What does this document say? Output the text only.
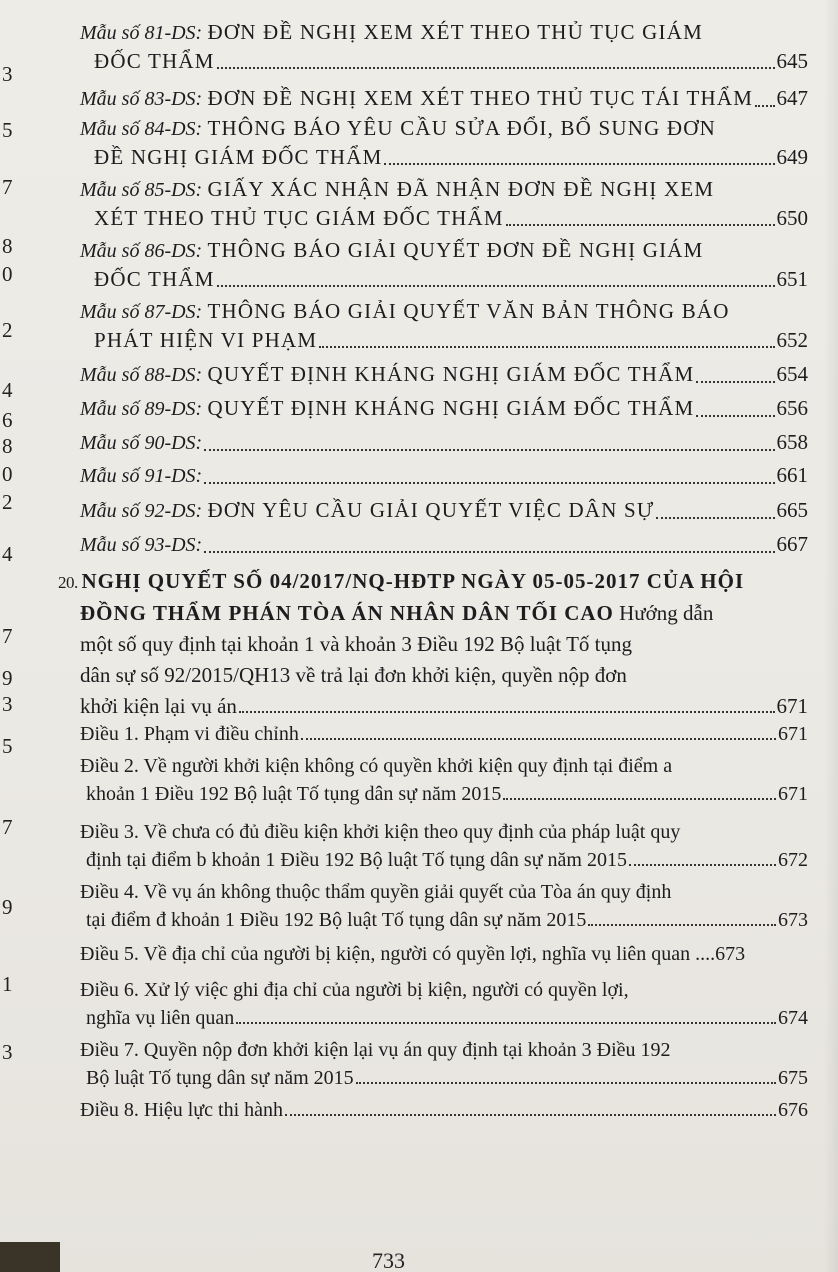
3
5
7
8
0
2
4
6
8
0
2
4
7
9
3
5
7
9
1
3
Mẫu số 81-DS:
ĐƠN ĐỀ NGHỊ XEM XÉT THEO THỦ TỤC GIÁM
ĐỐC THẨM	645
Mẫu số 83-DS:
ĐƠN ĐỀ NGHỊ XEM XÉT THEO THỦ TỤC TÁI THẨM 647
Mẫu số 84-DS:
THÔNG BÁO YÊU CẦU SỬA ĐỔI, BỔ SUNG ĐƠN
ĐỀ NGHỊ GIÁM ĐỐC THẨM	649
Mẫu số 85-DS:
GIẤY XÁC NHẬN ĐÃ NHẬN ĐƠN ĐỀ NGHỊ XEM
XÉT THEO THỦ TỤC GIÁM ĐỐC THẨM	650
Mẫu số 86-DS:
THÔNG BÁO GIẢI QUYẾT ĐƠN ĐỀ NGHỊ GIÁM
ĐỐC THẨM	651
Mẫu số 87-DS:
THÔNG BÁO GIẢI QUYẾT VĂN BẢN THÔNG BÁO
PHÁT HIỆN VI PHẠM	652
Mẫu số 88-DS:
QUYẾT ĐỊNH KHÁNG NGHỊ GIÁM ĐỐC THẨM	654
Mẫu số 89-DS:
QUYẾT ĐỊNH KHÁNG NGHỊ GIÁM ĐỐC THẨM	656
Mẫu số 90-DS:	658
Mẫu số 91-DS:	661
Mẫu số 92-DS:
ĐƠN YÊU CẦU GIẢI QUYẾT VIỆC DÂN SỰ	665
Mẫu số 93-DS:	667
20. NGHỊ QUYẾT SỐ 04/2017/NQ-HĐTP NGÀY 05-05-2017 CỦA HỘI
ĐỒNG THẨM PHÁN TÒA ÁN NHÂN DÂN TỐI CAO Hướng dẫn
một số quy định tại khoản 1 và khoản 3 Điều 192 Bộ luật Tố tụng
dân sự số 92/2015/QH13 về trả lại đơn khởi kiện, quyền nộp đơn
khởi kiện lại vụ án	671
Điều 1. Phạm vi điều chỉnh	671
Điều 2. Về người khởi kiện không có quyền khởi kiện quy định tại điểm a
khoản 1 Điều 192 Bộ luật Tố tụng dân sự năm 2015	671
Điều 3. Về chưa có đủ điều kiện khởi kiện theo quy định của pháp luật quy
định tại điểm b khoản 1 Điều 192 Bộ luật Tố tụng dân sự năm 2015	672
Điều 4. Về vụ án không thuộc thẩm quyền giải quyết của Tòa án quy định
tại điểm đ khoản 1 Điều 192 Bộ luật Tố tụng dân sự năm 2015	673
Điều 5. Về địa chỉ của người bị kiện, người có quyền lợi, nghĩa vụ liên quan ....673
Điều 6. Xử lý việc ghi địa chỉ của người bị kiện, người có quyền lợi,
nghĩa vụ liên quan	674
Điều 7. Quyền nộp đơn khởi kiện lại vụ án quy định tại khoản 3 Điều 192
Bộ luật Tố tụng dân sự năm 2015	675
Điều 8. Hiệu lực thi hành	676
733
